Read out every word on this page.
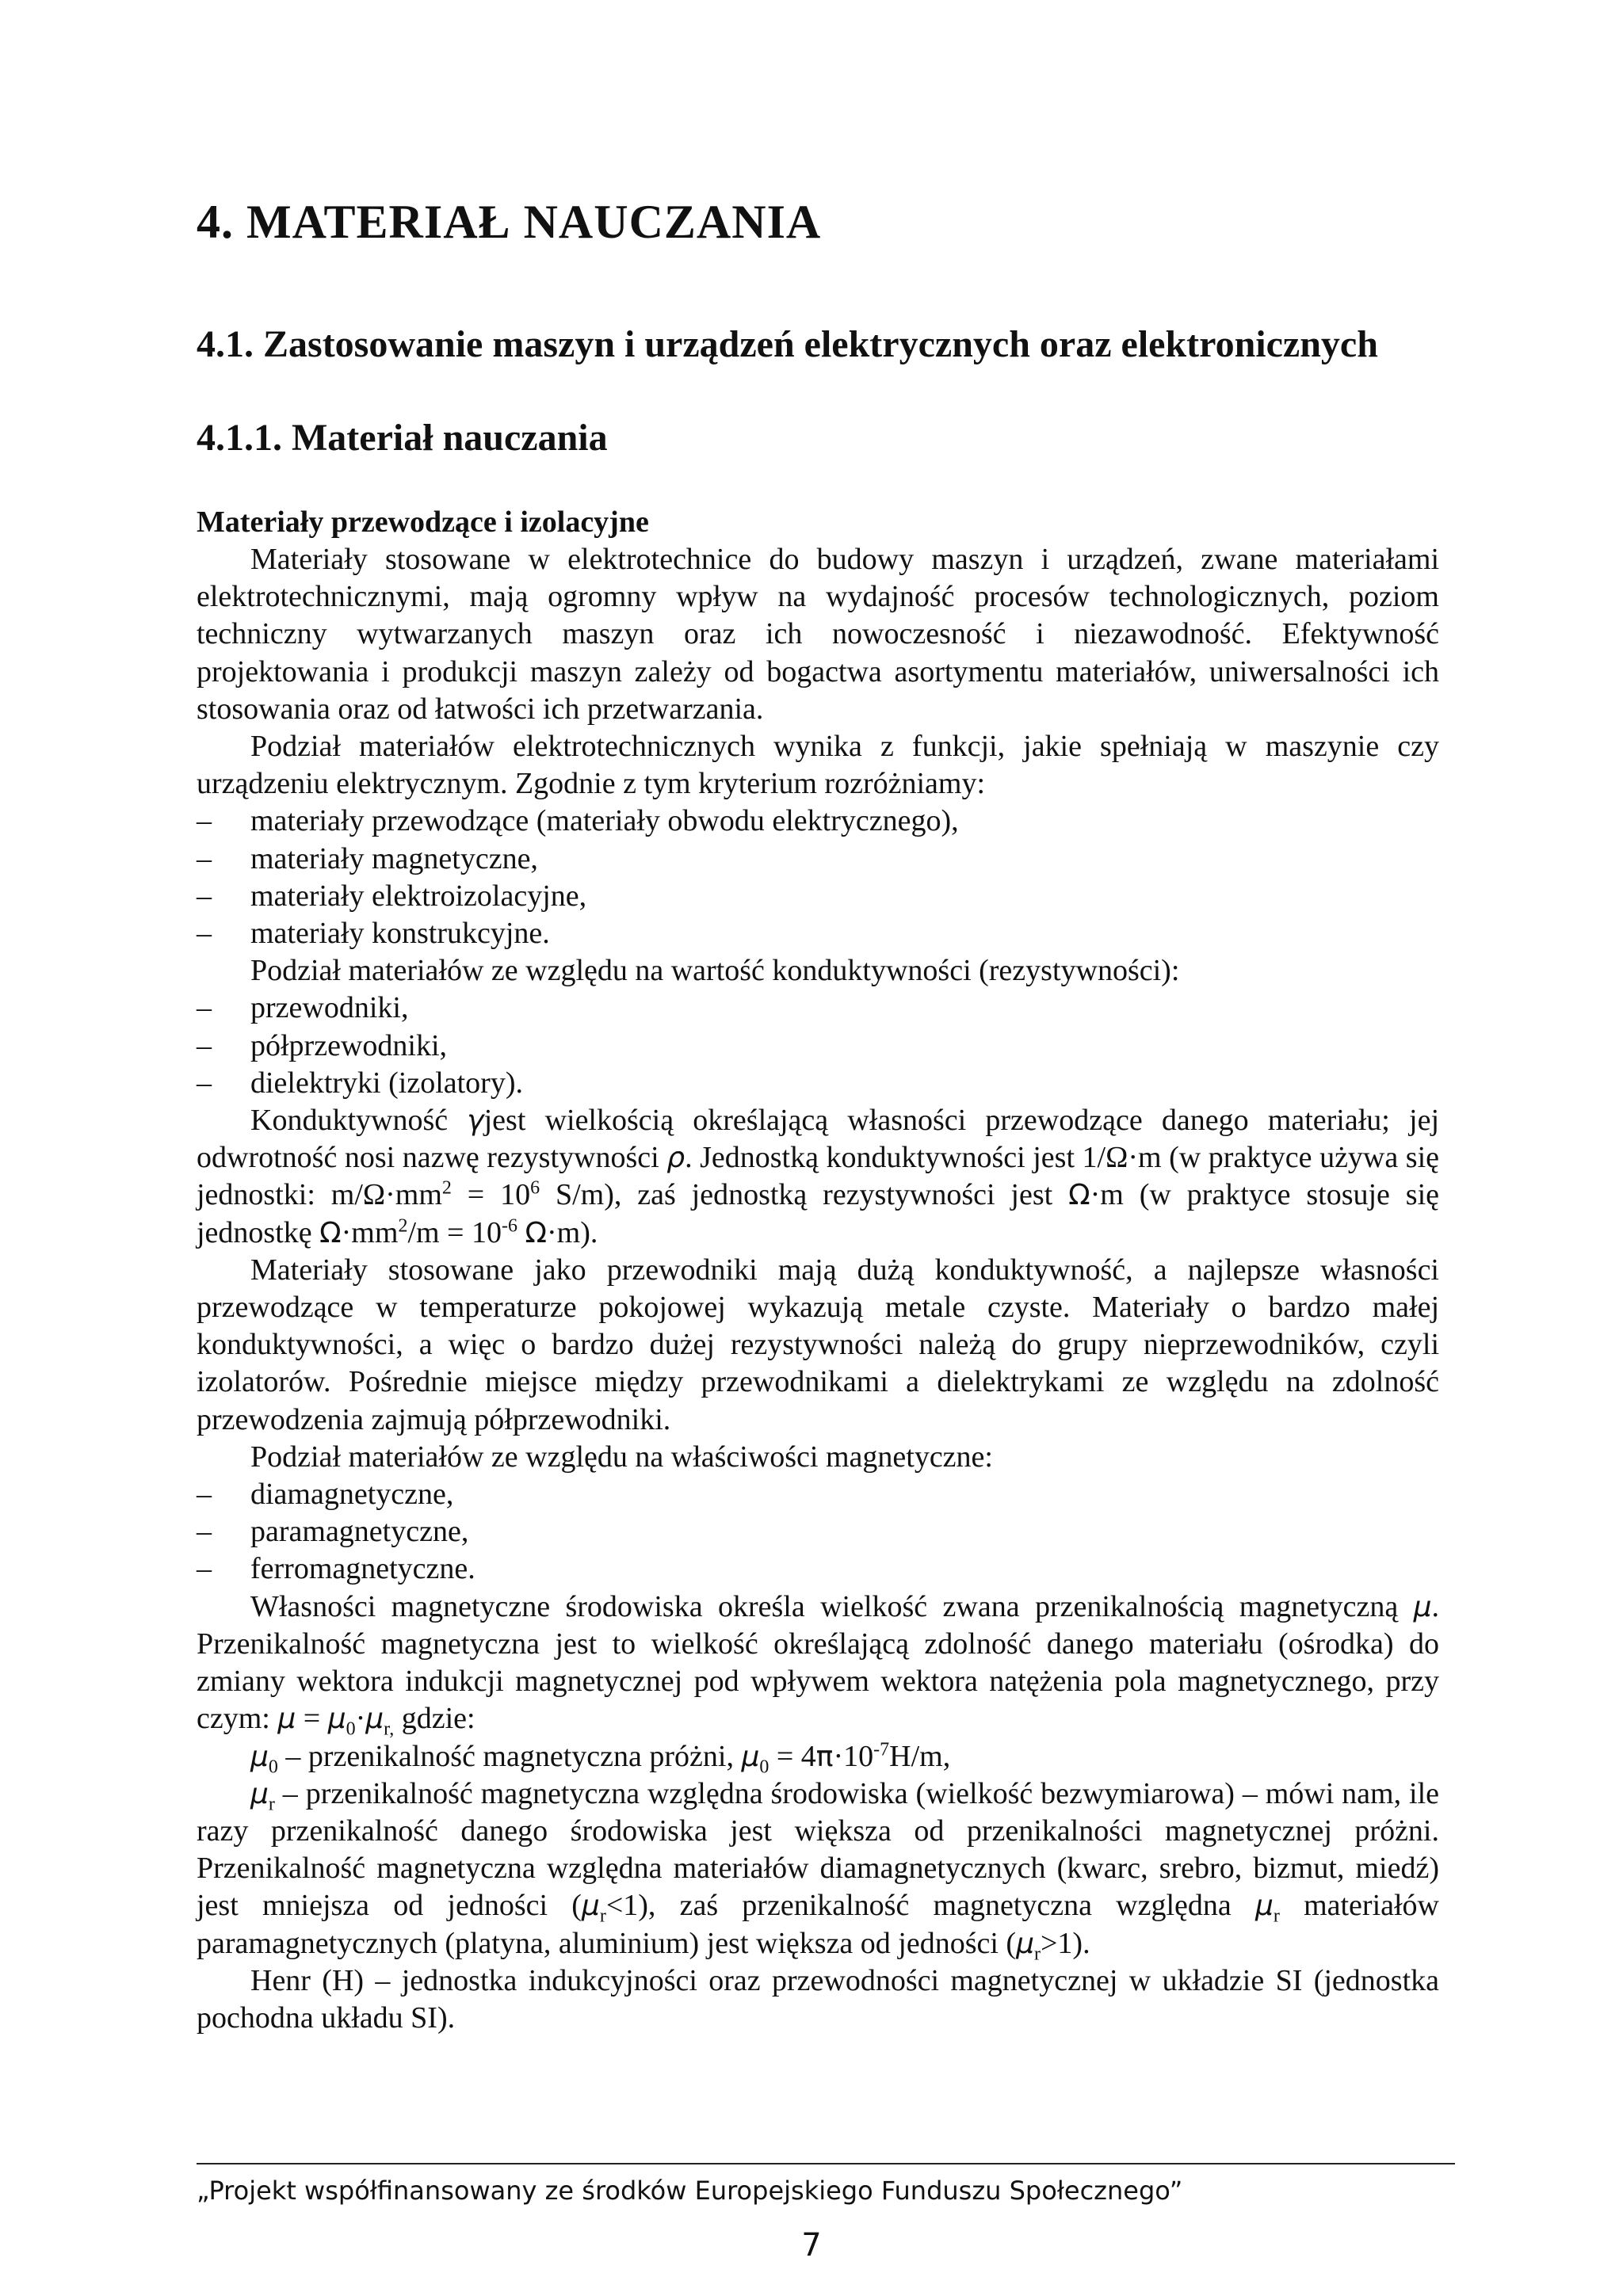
4. MATERIAŁ NAUCZANIA
4.1. Zastosowanie maszyn i urządzeń elektrycznych oraz elektronicznych
4.1.1. Materiał nauczania
Materiały przewodzące i izolacyjne

Materiały stosowane w elektrotechnice do budowy maszyn i urządzeń, zwane materiałami elektrotechnicznymi, mają ogromny wpływ na wydajność procesów technologicznych, poziom techniczny wytwarzanych maszyn oraz ich nowoczesność i niezawodność. Efektywność projektowania i produkcji maszyn zależy od bogactwa asortymentu materiałów, uniwersalności ich stosowania oraz od łatwości ich przetwarzania.

Podział materiałów elektrotechnicznych wynika z funkcji, jakie spełniają w maszynie czy urządzeniu elektrycznym. Zgodnie z tym kryterium rozróżniamy:

– materiały przewodzące (materiały obwodu elektrycznego),
– materiały magnetyczne,
– materiały elektroizolacyjne,
– materiały konstrukcyjne.

Podział materiałów ze względu na wartość konduktywności (rezystywności):

– przewodniki,
– półprzewodniki,
– dielektryki (izolatory).

Konduktywność γjest wielkością określającą własności przewodzące danego materiału; jej odwrotność nosi nazwę rezystywności ρ. Jednostką konduktywności jest 1/Ω·m (w praktyce używa się jednostki: $m/\Omega\cdot mm^2 = 10^6$ S/m), zaś jednostką rezystywności jest Ω·m (w praktyce stosuje się jednostkę $\Omega\cdot mm^2/m = 10^{-6}$ Ω·m).

Materiały stosowane jako przewodniki mają dużą konduktywność, a najlepsze własności przewodzące w temperaturze pokojowej wykazują metale czyste. Materiały o bardzo małej konduktywności, a więc o bardzo dużej rezystywności należą do grupy nieprzewodników, czyli izolatorów. Pośrednie miejsce między przewodnikami a dielektrykami ze względu na zdolność przewodzenia zajmują półprzewodniki.

Podział materiałów ze względu na właściwości magnetyczne:

– diamagnetyczne,
– paramagnetyczne,
– ferromagnetyczne.

Własności magnetyczne środowiska określa wielkość zwana przenikalnością magnetyczną μ. Przenikalność magnetyczna jest to wielkość określającą zdolność danego materiału (ośrodka) do zmiany wektora indukcji magnetycznej pod wpływem wektora natężenia pola magnetycznego, przy czym: $\mu = \mu_0\cdot\mu_{r,}$ gdzie:

$\mu_0$ – przenikalność magnetyczna próżni, $\mu_0 = 4\pi\cdot 10^{-7}H/m$,

$\mu_r$ – przenikalność magnetyczna względna środowiska (wielkość bezwymiarowa) – mówi nam, ile razy przenikalność danego środowiska jest większa od przenikalności magnetycznej próżni. Przenikalność magnetyczna względna materiałów diamagnetycznych (kwarc, srebro, bizmut, miedź) jest mniejsza od jedności $(\mu_r<1)$, zaś przenikalność magnetyczna względna $\mu_r$ materiałów paramagnetycznych (platyna, aluminium) jest większa od jedności $(\mu_r>1)$.

Henr (H) – jednostka indukcyjności oraz przewodności magnetycznej w układzie SI (jednostka pochodna układu SI).

„Projekt współfinansowany ze środków Europejskiego Funduszu Społecznego”
7
